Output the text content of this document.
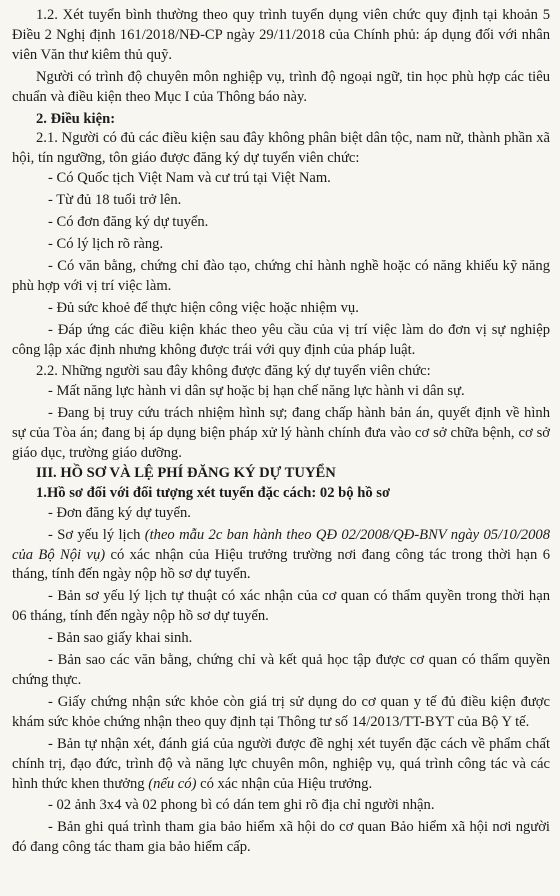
1.2. Xét tuyển bình thường theo quy trình tuyển dụng viên chức quy định tại khoản 5 Điều 2 Nghị định 161/2018/NĐ-CP ngày 29/11/2018 của Chính phủ: áp dụng đối với nhân viên Văn thư kiêm thủ quỹ.

Người có trình độ chuyên môn nghiệp vụ, trình độ ngoại ngữ, tin học phù hợp các tiêu chuẩn và điều kiện theo Mục I của Thông báo này.

2. Điều kiện:

2.1. Người có đủ các điều kiện sau đây không phân biệt dân tộc, nam nữ, thành phần xã hội, tín ngưỡng, tôn giáo được đăng ký dự tuyển viên chức:

- Có Quốc tịch Việt Nam và cư trú tại Việt Nam.

- Từ đủ 18 tuổi trở lên.

- Có đơn đăng ký dự tuyển.

- Có lý lịch rõ ràng.

- Có văn bằng, chứng chỉ đào tạo, chứng chỉ hành nghề hoặc có năng khiếu kỹ năng phù hợp với vị trí việc làm.

- Đủ sức khoẻ để thực hiện công việc hoặc nhiệm vụ.

- Đáp ứng các điều kiện khác theo yêu cầu của vị trí việc làm do đơn vị sự nghiệp công lập xác định nhưng không được trái với quy định của pháp luật.

2.2. Những người sau đây không được đăng ký dự tuyển viên chức:

- Mất năng lực hành vi dân sự hoặc bị hạn chế năng lực hành vi dân sự.

- Đang bị truy cứu trách nhiệm hình sự; đang chấp hành bản án, quyết định về hình sự của Tòa án; đang bị áp dụng biện pháp xử lý hành chính đưa vào cơ sở chữa bệnh, cơ sở giáo dục, trường giáo dưỡng.

III. HỒ SƠ VÀ LỆ PHÍ ĐĂNG KÝ DỰ TUYỂN

1.Hồ sơ đối với đối tượng xét tuyển đặc cách: 02 bộ hồ sơ

- Đơn đăng ký dự tuyển.

- Sơ yếu lý lịch (theo mẫu 2c ban hành theo QĐ 02/2008/QĐ-BNV ngày 05/10/2008 của Bộ Nội vụ) có xác nhận của Hiệu trưởng trường nơi đang công tác trong thời hạn 6 tháng, tính đến ngày nộp hồ sơ dự tuyển.

- Bản sơ yếu lý lịch tự thuật có xác nhận của cơ quan có thẩm quyền trong thời hạn 06 tháng, tính đến ngày nộp hồ sơ dự tuyển.

- Bản sao giấy khai sinh.

- Bản sao các văn bằng, chứng chỉ và kết quả học tập được cơ quan có thẩm quyền chứng thực.

- Giấy chứng nhận sức khỏe còn giá trị sử dụng do cơ quan y tế đủ điều kiện được khám sức khỏe chứng nhận theo quy định tại Thông tư số 14/2013/TT-BYT của Bộ Y tế.

- Bản tự nhận xét, đánh giá của người được đề nghị xét tuyển đặc cách về phẩm chất chính trị, đạo đức, trình độ và năng lực chuyên môn, nghiệp vụ, quá trình công tác và các hình thức khen thưởng (nếu có) có xác nhận của Hiệu trưởng.

- 02 ảnh 3x4 và 02 phong bì có dán tem ghi rõ địa chỉ người nhận.

- Bản ghi quá trình tham gia bảo hiểm xã hội do cơ quan Bảo hiểm xã hội nơi người đó đang công tác tham gia bảo hiểm cấp.
